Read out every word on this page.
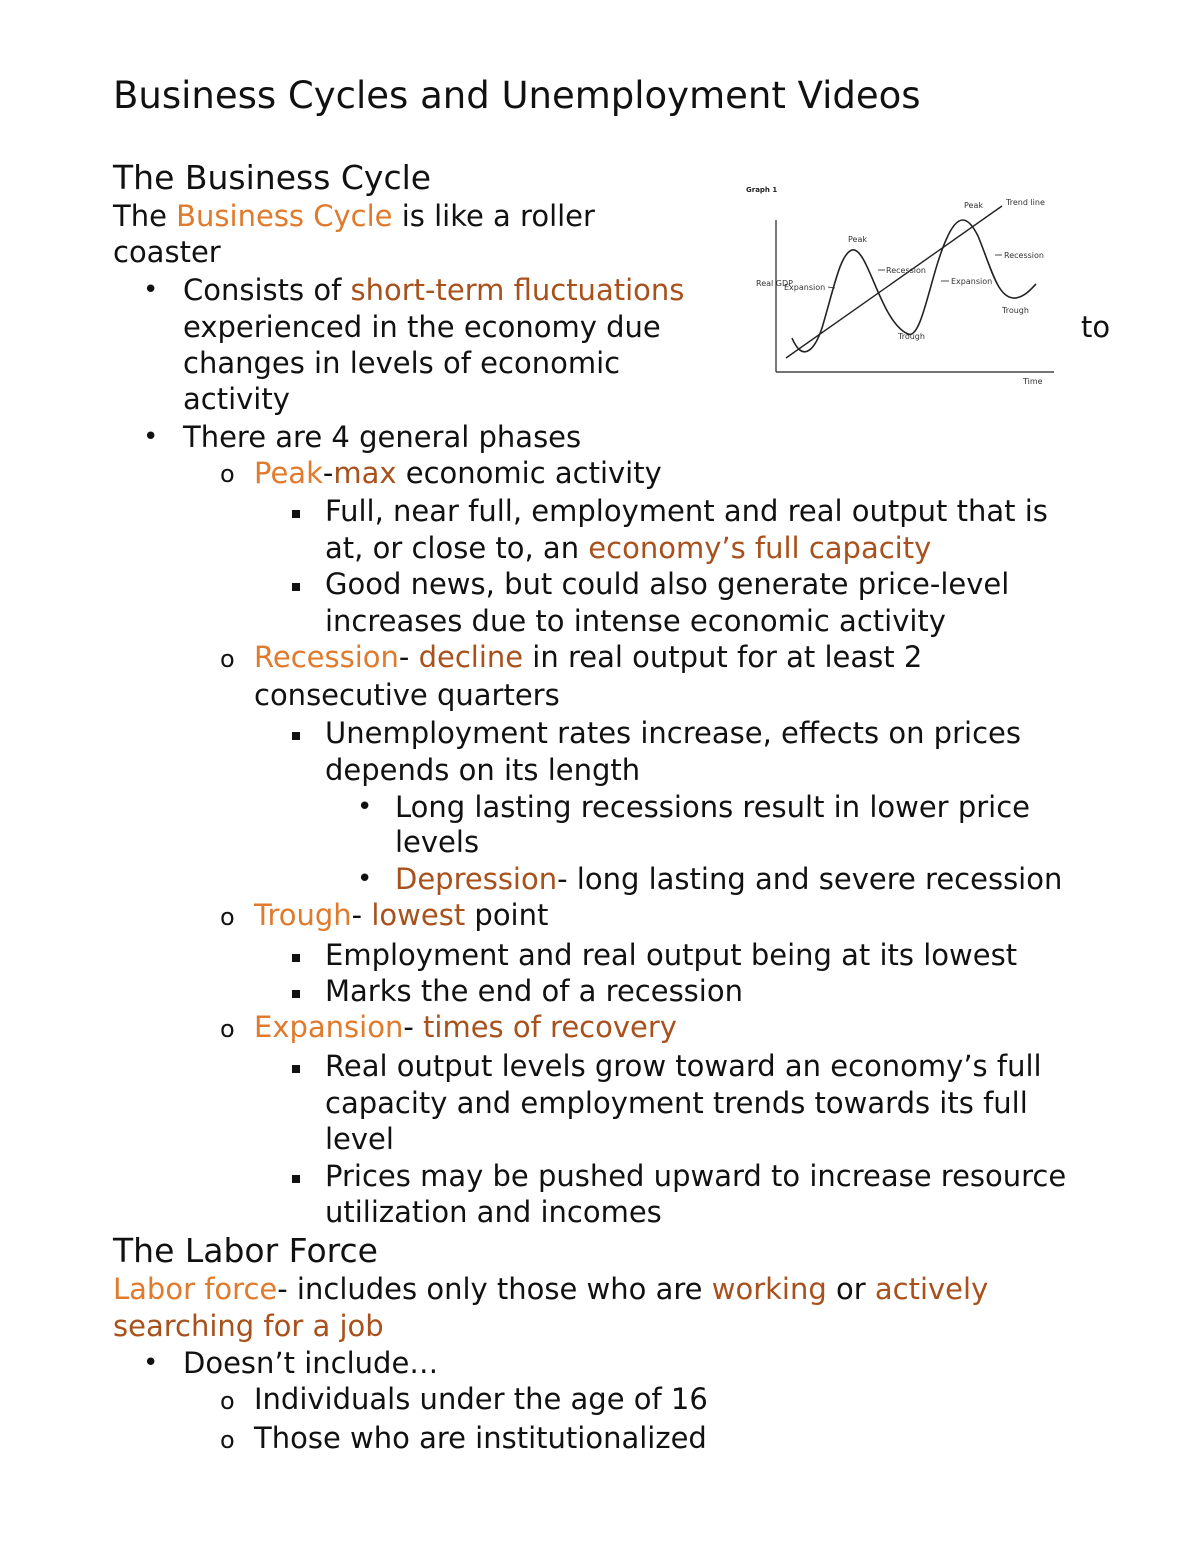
Business Cycles and Unemployment Videos
The Business Cycle
The Business Cycle is like a roller
coaster
• Consists of short-term fluctuations
experienced in the economy due	to
changes in levels of economic
activity
• There are 4 general phases
o Peak-max economic activity
Full, near full, employment and real output that is
at, or close to, an economy’s full capacity
Good news, but could also generate price-level
increases due to intense economic activity
o Recession- decline in real output for at least 2
consecutive quarters
Unemployment rates increase, effects on prices
depends on its length
• Long lasting recessions result in lower price
levels
• Depression- long lasting and severe recession
o Trough- lowest point
Employment and real output being at its lowest
Marks the end of a recession
o Expansion- times of recovery
Real output levels grow toward an economy’s full
capacity and employment trends towards its full
level
Prices may be pushed upward to increase resource
utilization and incomes
The Labor Force
Labor force- includes only those who are working or actively
searching for a job
• Doesn’t include…
o Individuals under the age of 16
o Those who are institutionalized
Graph 1
Real GDP
Time
Expansion
Peak
Recession
Trough
Peak
Expansion
Recession
Trough
Trend line
